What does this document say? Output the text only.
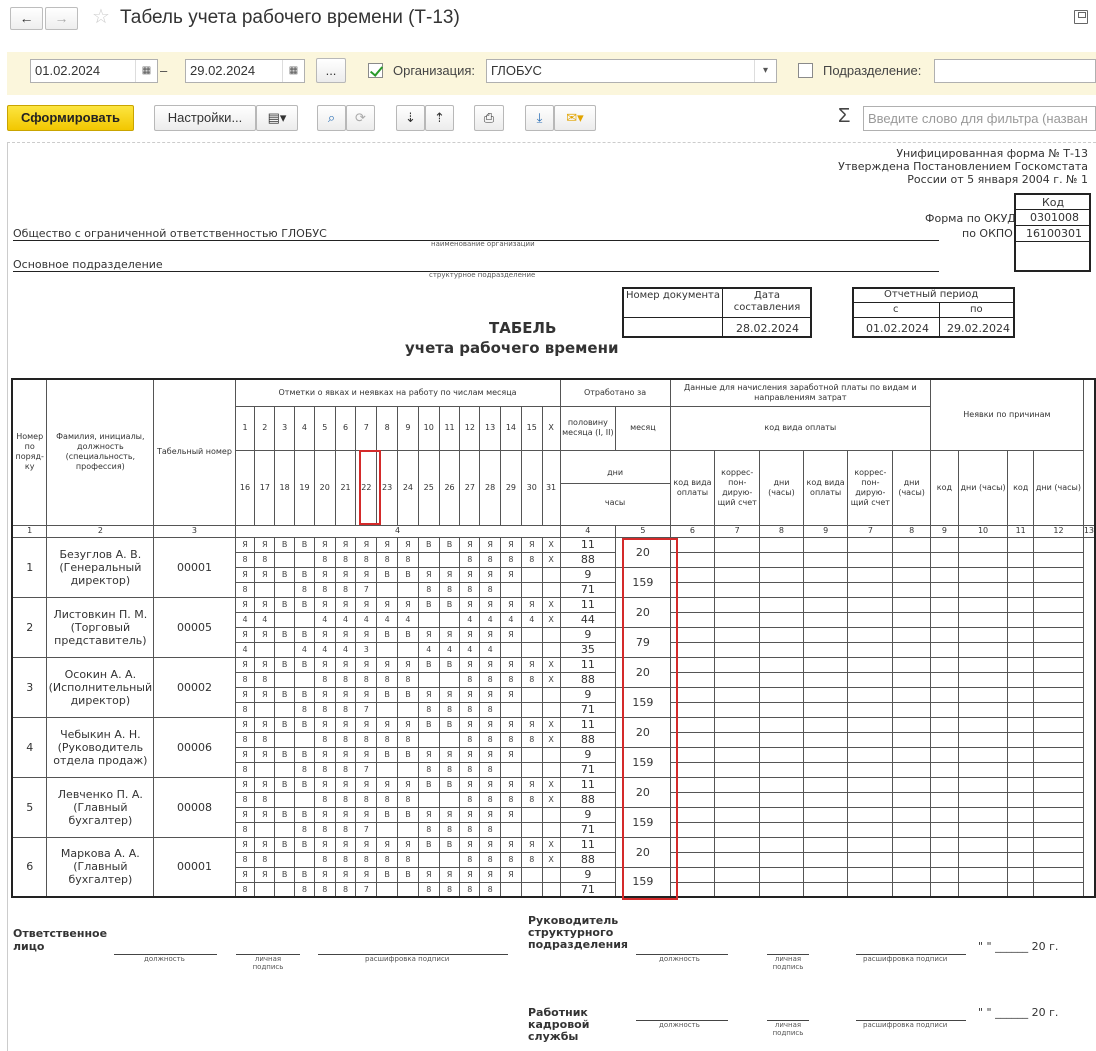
←	→	☆ Табель учета рабочего времени (Т-13)
01.02.2024	▦ –	29.02.2024	▦	...	Организация:	ГЛОБУС	▾	Подразделение:
Сформировать	Настройки...	▤▾	⌕	⟳	⇣	⇡	⎙	⤓	✉▾	Σ	Введите слово для фильтра (назван
Унифицированная форма № Т-13
Утверждена Постановлением Госкомстата
России от 5 января 2004 г. № 1
Код
0301008
16100301
Форма по ОКУД
по ОКПО
Общество с ограниченной ответственностью ГЛОБУС
наименование организации
Основное подразделение
структурное подразделение
Номер документа	Дата составления
28.02.2024
Отчетный период
с	по
01.02.2024 29.02.2024
ТАБЕЛЬ
учета рабочего времени
Номер по поряд-ку	Фамилия, инициалы, должность (специальность, профессия)	Табельный номер	Отметки о явках и неявках на работу по числам месяца																Отработано за		Данные для начисления заработной платы по видам и направлениям затрат						Неявки по причинам				
			1	2	3	4	5	6	7	8	9	10	11	12	13	14	15	X	половину месяца (I, II)	месяц	код вида оплаты										
			16	17	18	19	20	21	22	23	24	25	26	27	28	29	30	31	дни
часы		код вида оплаты	коррес-пон-дирую-щий счет	дни (часы)	код вида оплаты	коррес-пон-дирую-щий счет	дни (часы)	код	дни (часы)	код	дни (часы)	
1	2	3	4																4	5	6	7	8	9	7	8	9	10	11	12	13
1	Безуглов А. В. (Генеральный директор)	00001	Я	Я	В	В	Я	Я	Я	Я	Я	В	В	Я	Я	Я	Я	X	11	20											
			8	8			8	8	8	8	8			8	8	8	8	X	88												
			Я	Я	В	В	Я	Я	Я	В	В	Я	Я	Я	Я	Я			9	159											
			8			8	8	8	7			8	8	8	8				71												
2	Листовкин П. М. (Торговый представитель)	00005	Я	Я	В	В	Я	Я	Я	Я	Я	В	В	Я	Я	Я	Я	X	11	20											
			4	4			4	4	4	4	4			4	4	4	4	X	44												
			Я	Я	В	В	Я	Я	Я	В	В	Я	Я	Я	Я	Я			9	79											
			4			4	4	4	3			4	4	4	4				35												
3	Осокин А. А. (Исполнительный директор)	00002	Я	Я	В	В	Я	Я	Я	Я	Я	В	В	Я	Я	Я	Я	X	11	20											
			8	8			8	8	8	8	8			8	8	8	8	X	88												
			Я	Я	В	В	Я	Я	Я	В	В	Я	Я	Я	Я	Я			9	159											
			8			8	8	8	7			8	8	8	8				71												
4	Чебыкин А. Н. (Руководитель отдела продаж)	00006	Я	Я	В	В	Я	Я	Я	Я	Я	В	В	Я	Я	Я	Я	X	11	20											
			8	8			8	8	8	8	8			8	8	8	8	X	88												
			Я	Я	В	В	Я	Я	Я	В	В	Я	Я	Я	Я	Я			9	159											
			8			8	8	8	7			8	8	8	8				71												
5	Левченко П. А. (Главный бухгалтер)	00008	Я	Я	В	В	Я	Я	Я	Я	Я	В	В	Я	Я	Я	Я	X	11	20											
			8	8			8	8	8	8	8			8	8	8	8	X	88												
			Я	Я	В	В	Я	Я	Я	В	В	Я	Я	Я	Я	Я			9	159											
			8			8	8	8	7			8	8	8	8				71												
6	Маркова А. А. (Главный бухгалтер)	00001	Я	Я	В	В	Я	Я	Я	Я	Я	В	В	Я	Я	Я	Я	X	11	20											
			8	8			8	8	8	8	8			8	8	8	8	X	88												
			Я	Я	В	В	Я	Я	Я	В	В	Я	Я	Я	Я	Я			9	159											
			8			8	8	8	7			8	8	8	8				71												
Ответственное лицо
должность	личная подпись
расшифровка подписи
Руководитель структурного подразделения
должность	личная подпись
расшифровка подписи
" " ______ 20 г.
Работник кадровой службы
должность	личная подпись
расшифровка подписи
" " ______ 20 г.
